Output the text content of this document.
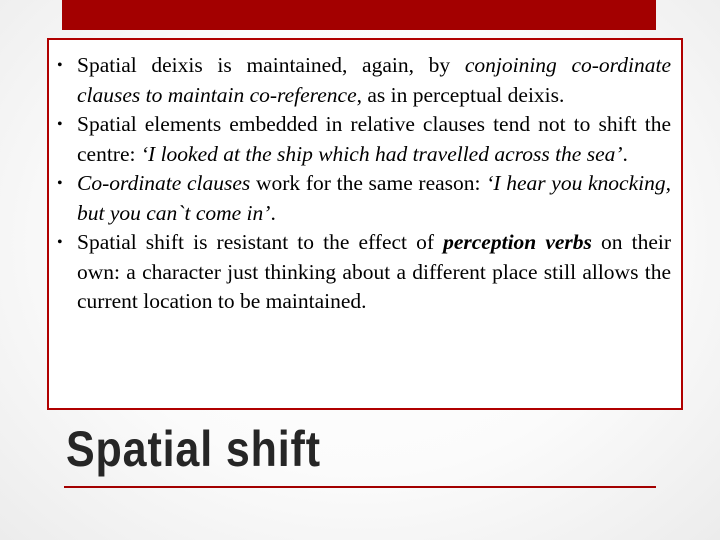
• Spatial deixis is maintained, again, by conjoining co-ordinate clauses to maintain co-reference, as in perceptual deixis.
• Spatial elements embedded in relative clauses tend not to shift the centre: ‘I looked at the ship which had travelled across the sea’.
• Co-ordinate clauses work for the same reason: ‘I hear you knocking, but you can`t come in’.
• Spatial shift is resistant to the effect of perception verbs on their own: a character just thinking about a different place still allows the current location to be maintained.
Spatial shift
